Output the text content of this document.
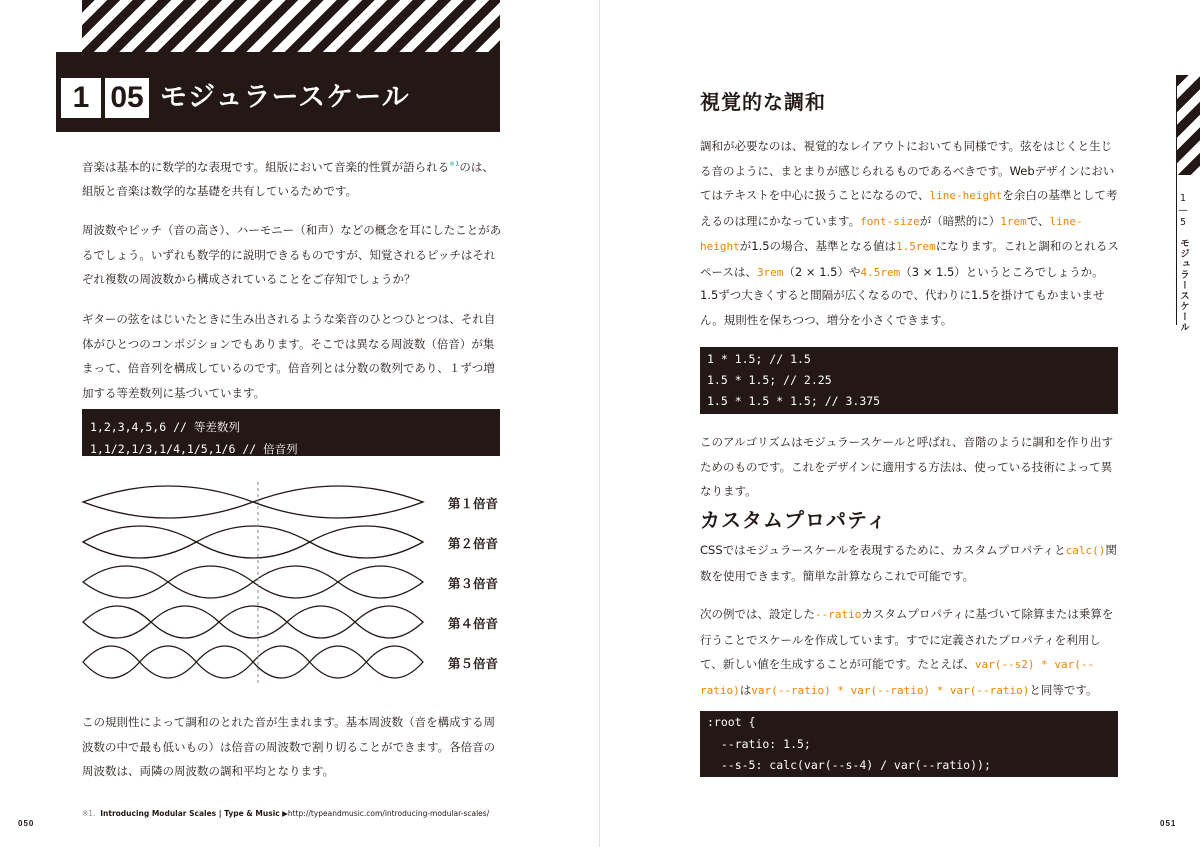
1 05 モジュラースケール

音楽は基本的に数学的な表現です。組版において音楽的性質が語られる$^{※1}$のは、組版と音楽は数学的な基礎を共有しているためです。

周波数やピッチ（音の高さ）、ハーモニー（和声）などの概念を耳にしたことがあるでしょう。いずれも数学的に説明できるものですが、知覚されるピッチはそれぞれ複数の周波数から構成されていることをご存知でしょうか？

ギターの弦をはじいたときに生み出されるような楽音のひとつひとつは、それ自体がひとつのコンポジションでもあります。そこでは異なる周波数（倍音）が集まって、倍音列を構成しているのです。倍音列とは分数の数列であり、１ずつ増加する等差数列に基づいています。

1,2,3,4,5,6 // 等差数列
1,1/2,1/3,1/4,1/5,1/6 // 倍音列
第１倍音
第２倍音
第３倍音
第４倍音
第５倍音

この規則性によって調和のとれた音が生まれます。基本周波数（音を構成する周波数の中で最も低いもの）は倍音の周波数で割り切ることができます。各倍音の周波数は、両隣の周波数の調和平均となります。

※1. Introducing Modular Scales | Type & Music ▶http://typeandmusic.com/introducing-modular-scales/
050
視覚的な調和

調和が必要なのは、視覚的なレイアウトにおいても同様です。弦をはじくと生じる音のように、まとまりが感じられるものであるべきです。Webデザインにおいてはテキストを中心に扱うことになるので、line-heightを余白の基準として考えるのは理にかなっています。font-sizeが（暗黙的に）1remで、line-heightが1.5の場合、基準となる値は1.5remになります。これと調和のとれるスペースは、3rem（2 × 1.5）や4.5rem（3 × 1.5）というところでしょうか。

1.5ずつ大きくすると間隔が広くなるので、代わりに1.5を掛けてもかまいません。規則性を保ちつつ、増分を小さくできます。

1 * 1.5; // 1.5
1.5 * 1.5; // 2.25
1.5 * 1.5 * 1.5; // 3.375

このアルゴリズムはモジュラースケールと呼ばれ、音階のように調和を作り出すためのものです。これをデザインに適用する方法は、使っている技術によって異なります。

カスタムプロパティ

CSSではモジュラースケールを表現するために、カスタムプロパティとcalc()関数を使用できます。簡単な計算ならこれで可能です。

次の例では、設定した--ratioカスタムプロパティに基づいて除算または乗算を行うことでスケールを作成しています。すでに定義されたプロパティを利用して、新しい値を生成することが可能です。たとえば、var(--s2) * var(--ratio)はvar(--ratio) * var(--ratio) * var(--ratio)と同等です。

:root {
--ratio: 1.5;
--s-5: calc(var(--s-4) / var(--ratio));
1
—
5
モジュラースケール
051
